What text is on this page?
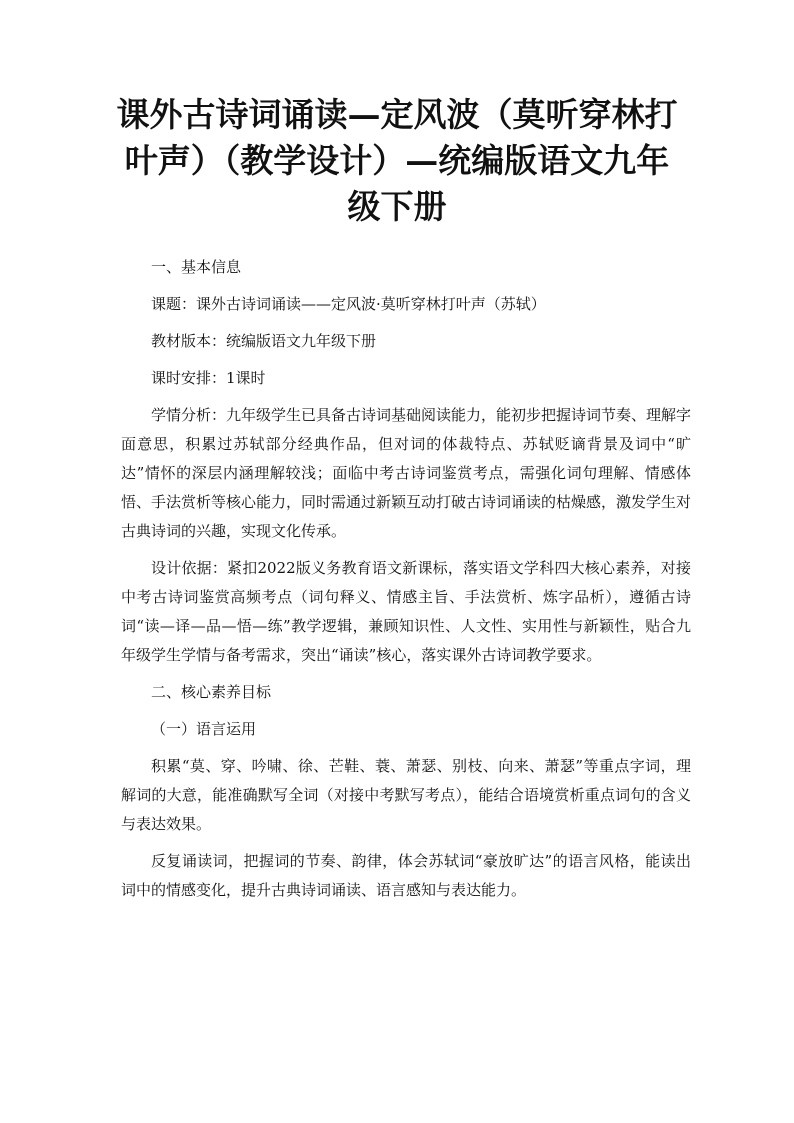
课外古诗词诵读—定风波（莫听穿林打
叶声）（教学设计）—统编版语文九年
级下册

一、基本信息

课题：课外古诗词诵读——定风波·莫听穿林打叶声（苏轼）

教材版本：统编版语文九年级下册

课时安排：1课时

学情分析：九年级学生已具备古诗词基础阅读能力，能初步把握诗词节奏、理解字面意思，积累过苏轼部分经典作品，但对词的体裁特点、苏轼贬谪背景及词中“旷达”情怀的深层内涵理解较浅；面临中考古诗词鉴赏考点，需强化词句理解、情感体悟、手法赏析等核心能力，同时需通过新颖互动打破古诗词诵读的枯燥感，激发学生对古典诗词的兴趣，实现文化传承。

设计依据：紧扣2022版义务教育语文新课标，落实语文学科四大核心素养，对接中考古诗词鉴赏高频考点（词句释义、情感主旨、手法赏析、炼字品析），遵循古诗词“读—译—品—悟—练”教学逻辑，兼顾知识性、人文性、实用性与新颖性，贴合九年级学生学情与备考需求，突出“诵读”核心，落实课外古诗词教学要求。

二、核心素养目标

（一）语言运用

积累“莫、穿、吟啸、徐、芒鞋、蓑、萧瑟、别枝、向来、萧瑟”等重点字词，理解词的大意，能准确默写全词（对接中考默写考点），能结合语境赏析重点词句的含义与表达效果。

反复诵读词，把握词的节奏、韵律，体会苏轼词“豪放旷达”的语言风格，能读出词中的情感变化，提升古典诗词诵读、语言感知与表达能力。
